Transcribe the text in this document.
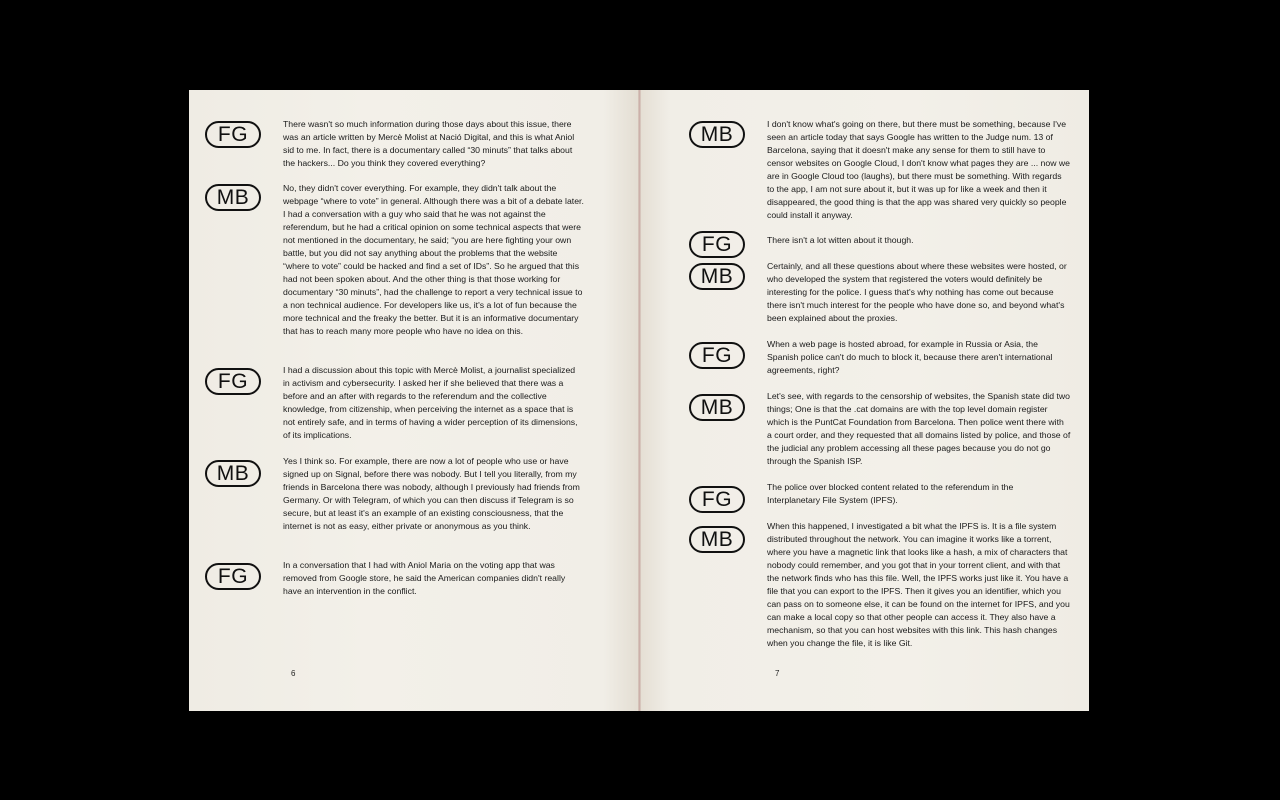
FG	There wasn't so much information during those days about this issue, there was an article written by Mercè Molist at Nació Digital, and this is what Aniol sid to me. In fact, there is a documentary called “30 minuts” that talks about the hackers... Do you think they covered everything?

MB	No, they didn't cover everything. For example, they didn't talk about the webpage “where to vote” in general. Although there was a bit of a debate later. I had a conversation with a guy who said that he was not against the referendum, but he had a critical opinion on some technical aspects that were not mentioned in the documentary, he said; “you are here fighting your own battle, but you did not say anything about the problems that the website “where to vote” could be hacked and find a set of IDs”. So he argued that this had not been spoken about. And the other thing is that those working for documentary “30 minuts”, had the challenge to report a very technical issue to a non technical audience. For developers like us, it's a lot of fun because the more technical and the freaky the better. But it is an informative documentary that has to reach many more people who have no idea on this.

FG	I had a discussion about this topic with Mercè Molist, a journalist specialized in activism and cybersecurity. I asked her if she believed that there was a before and an after with regards to the referendum and the collective knowledge, from citizenship, when perceiving the internet as a space that is not entirely safe, and in terms of having a wider perception of its dimensions, of its implications.

MB

Yes I think so. For example, there are now a lot of people who use or have signed up on Signal, before there was nobody. But I tell you literally, from my friends in Barcelona there was nobody, although I previously had friends from Germany. Or with Telegram, of which you can then discuss if Telegram is so secure, but at least it's an example of an existing consciousness, that the internet is not as easy, either private or anonymous as you think.

FG	In a conversation that I had with Aniol Maria on the voting app that was removed from Google store, he said the American companies didn't really have an intervention in the conflict.

6
MB	I don't know what's going on there, but there must be something, because I've seen an article today that says Google has written to the Judge num. 13 of Barcelona, saying that it doesn't make any sense for them to still have to censor websites on Google Cloud, I don't know what pages they are ... now we are in Google Cloud too (laughs), but there must be something. With regards to the app, I am not sure about it, but it was up for like a week and then it disappeared, the good thing is that the app was shared very quickly so people could install it anyway.

FG	There isn't a lot witten about it though.

MB	Certainly, and all these questions about where these websites were hosted, or who developed the system that registered the voters would definitely be interesting for the police. I guess that's why nothing has come out because there isn't much interest for the people who have done so, and beyond what's been explained about the proxies.

FG	When a web page is hosted abroad, for example in Russia or Asia, the Spanish police can't do much to block it, because there aren't international agreements, right?

MB	Let's see, with regards to the censorship of websites, the Spanish state did two things; One is that the .cat domains are with the top level domain register which is the PuntCat Foundation from Barcelona. Then police went there with a court order, and they requested that all domains listed by police, and those of the judicial any problem accessing all these pages because you do not go through the Spanish ISP.

FG

The police over blocked content related to the referendum in the Interplanetary File System (IPFS).

MB

When this happened, I investigated a bit what the IPFS is. It is a file system distributed throughout the network. You can imagine it works like a torrent, where you have a magnetic link that looks like a hash, a mix of characters that nobody could remember, and you got that in your torrent client, and with that the network finds who has this file. Well, the IPFS works just like it. You have a file that you can export to the IPFS. Then it gives you an identifier, which you can pass on to someone else, it can be found on the internet for IPFS, and you can make a local copy so that other people can access it. They also have a mechanism, so that you can host websites with this link. This hash changes when you change the file, it is like Git.

7
